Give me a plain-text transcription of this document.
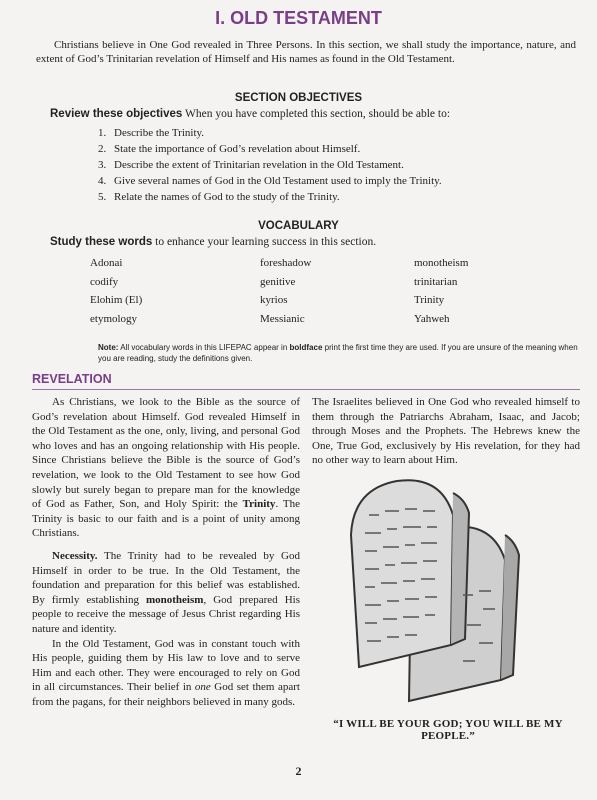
I. OLD TESTAMENT
Christians believe in One God revealed in Three Persons. In this section, we shall study the importance, nature, and extent of God’s Trinitarian revelation of Himself and His names as found in the Old Testament.
SECTION OBJECTIVES
Review these objectives When you have completed this section, should be able to:
1. Describe the Trinity.
2. State the importance of God’s revelation about Himself.
3. Describe the extent of Trinitarian revelation in the Old Testament.
4. Give several names of God in the Old Testament used to imply the Trinity.
5. Relate the names of God to the study of the Trinity.
VOCABULARY
Study these words to enhance your learning success in this section.
Adonai
codify
Elohim (El)
etymology
foreshadow
genitive
kyrios
Messianic
monotheism
trinitarian
Trinity
Yahweh
Note: All vocabulary words in this LIFEPAC appear in boldface print the first time they are used. If you are unsure of the meaning when you are reading, study the definitions given.
REVELATION

As Christians, we look to the Bible as the source of God’s revelation about Himself. God revealed Himself in the Old Testament as the one, only, living, and personal God who loves and has an ongoing relationship with His people. Since Christians believe the Bible is the source of God’s revelation, we look to the Old Testament to see how God slowly but surely began to prepare man for the knowledge of God as Father, Son, and Holy Spirit: the Trinity. The Trinity is basic to our faith and is a point of unity among Christians.

Necessity. The Trinity had to be revealed by God Himself in order to be true. In the Old Testament, the foundation and preparation for this belief was established. By firmly establishing monotheism, God prepared His people to receive the message of Jesus Christ regarding His nature and identity.

In the Old Testament, God was in constant touch with His people, guiding them by His law to love and to serve Him and each other. They were encouraged to rely on God in all circumstances. Their belief in one God set them apart from the pagans, for their neighbors believed in many gods.

The Israelites believed in One God who revealed himself to them through the Patriarchs Abraham, Isaac, and Jacob; through Moses and the Prophets. The Hebrews knew the One, True God, exclusively by His revelation, for they had no other way to learn about Him.

“I WILL BE YOUR GOD; YOU WILL BE MY PEOPLE.”
2
